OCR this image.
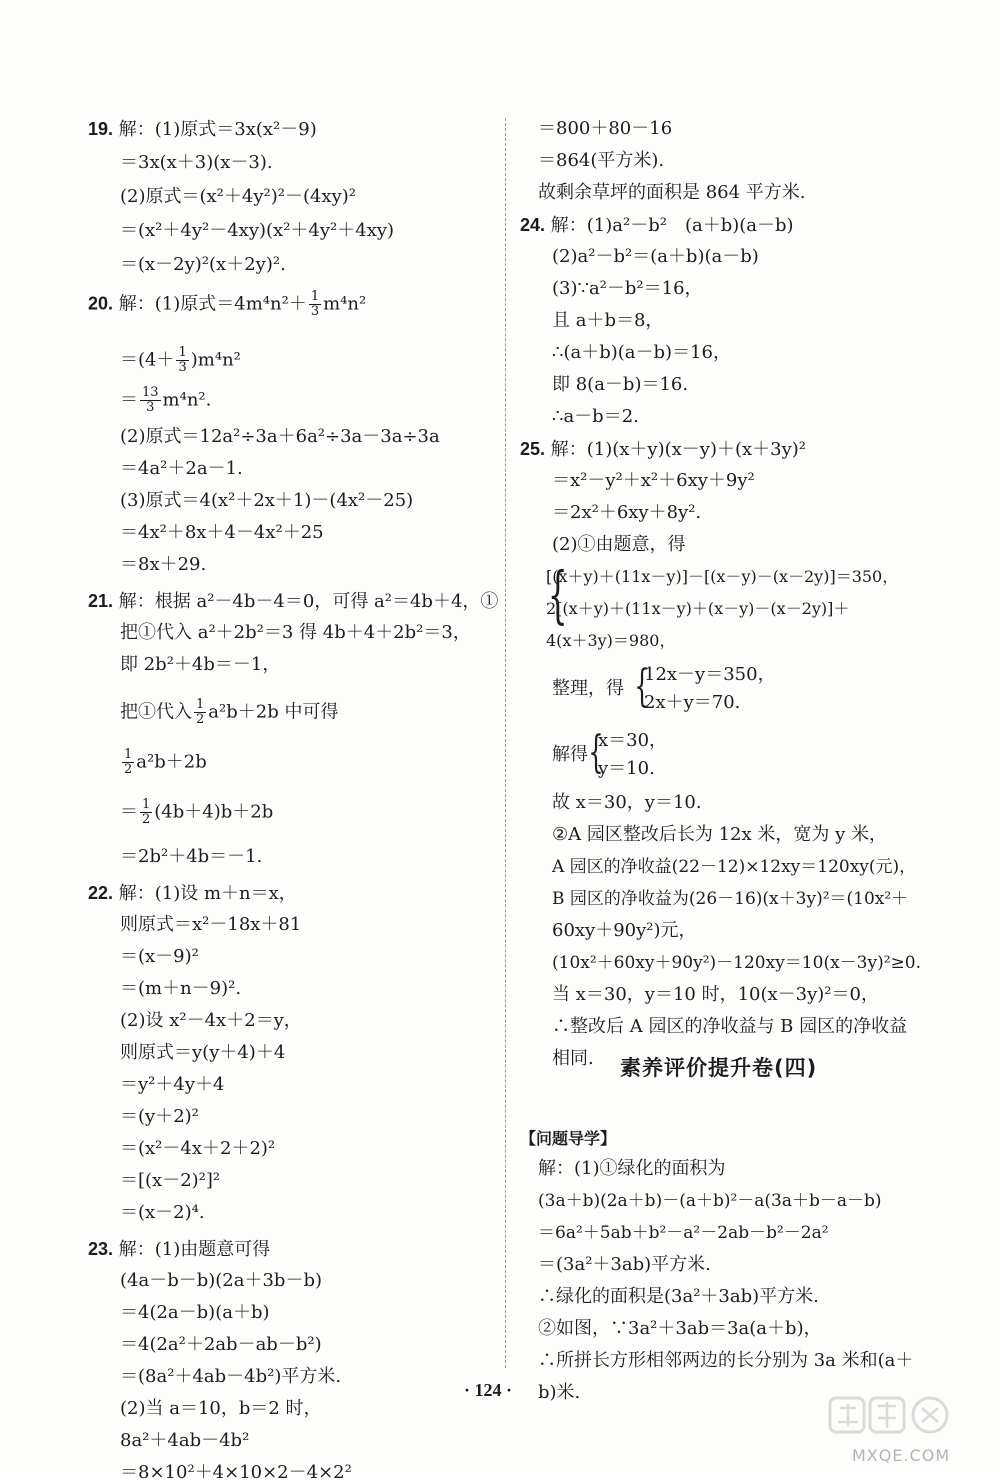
19. 解：(1)原式＝3x(x²－9)
＝3x(x＋3)(x－3).
(2)原式＝(x²＋4y²)²－(4xy)²
＝(x²＋4y²－4xy)(x²＋4y²＋4xy)
＝(x－2y)²(x＋2y)².
20. 解：(1)原式$=4m^4n^2+ \frac{1}{3} m^4n^2$
$=(4+ \frac{1}{3} )m^4n^2$
＝ $\frac{13}{3} m^4n^2$.
(2)原式＝12a²÷3a＋6a²÷3a－3a÷3a
＝4a²＋2a－1.
(3)原式＝4(x²＋2x＋1)－(4x²－25)
＝4x²＋8x＋4－4x²＋25
＝8x＋29.
21. 解：根据 a²－4b－4＝0，可得 a²＝4b＋4，①
把①代入 a²＋2b²＝3 得 4b＋4＋2b²＝3，
即 2b²＋4b＝－1，
把①代入 $\frac{1}{2} a^2b+2b$ 中可得
$\frac{1}{2} a^2b+2b$
＝ $\frac{1}{2} (4b+4)b+2b$
＝2b²＋4b＝－1.
22. 解：(1)设 m＋n＝x，
则原式＝x²－18x＋81
＝(x－9)²
＝(m＋n－9)².
(2)设 x²－4x＋2＝y，
则原式＝y(y＋4)＋4
＝y²＋4y＋4
＝(y＋2)²
＝(x²－4x＋2＋2)²
＝[(x－2)²]²
＝(x－2)⁴.
23. 解：(1)由题意可得
(4a－b－b)(2a＋3b－b)
＝4(2a－b)(a＋b)
＝4(2a²＋2ab－ab－b²)
＝(8a²＋4ab－4b²)平方米.
(2)当 a＝10，b＝2 时，
8a²＋4ab－4b²
＝8×10²＋4×10×2－4×2²
＝800＋80－16
＝864(平方米).
故剩余草坪的面积是 864 平方米.
24. 解：(1)a²－b²　(a＋b)(a－b)
(2)a²－b²＝(a＋b)(a－b)
(3)∵a²－b²＝16，
且 a＋b＝8，
∴(a＋b)(a－b)＝16，
即 8(a－b)＝16.
∴a－b＝2.
25. 解：(1)(x＋y)(x－y)＋(x＋3y)²
＝x²－y²＋x²＋6xy＋9y²
＝2x²＋6xy＋8y².
(2)①由题意，得
[(x＋y)＋(11x－y)]－[(x－y)－(x－2y)]＝350，
2[(x＋y)＋(11x－y)＋(x－y)－(x－2y)]＋
4(x＋3y)＝980，
{
整理，得 {
12x－y＝350，
2x＋y＝70.
解得 {
x＝30，
y＝10.
故 x＝30，y＝10.
②A 园区整改后长为 12x 米，宽为 y 米，
A 园区的净收益(22－12)×12xy＝120xy(元)，
B 园区的净收益为(26－16)(x＋3y)²＝(10x²＋
60xy＋90y²)元，
(10x²＋60xy＋90y²)－120xy＝10(x－3y)²≥0.
当 x＝30，y＝10 时，10(x－3y)²＝0，
∴整改后 A 园区的净收益与 B 园区的净收益
相同. 素养评价提升卷(四)
【问题导学】
解：(1)①绿化的面积为
(3a＋b)(2a＋b)－(a＋b)²－a(3a＋b－a－b)
＝6a²＋5ab＋b²－a²－2ab－b²－2a²
＝(3a²＋3ab)平方米.
∴绿化的面积是(3a²＋3ab)平方米.
②如图，∵3a²＋3ab＝3a(a＋b)，
∴所拼长方形相邻两边的长分别为 3a 米和(a＋
b)米.
· 124 ·
MXQE.COM
